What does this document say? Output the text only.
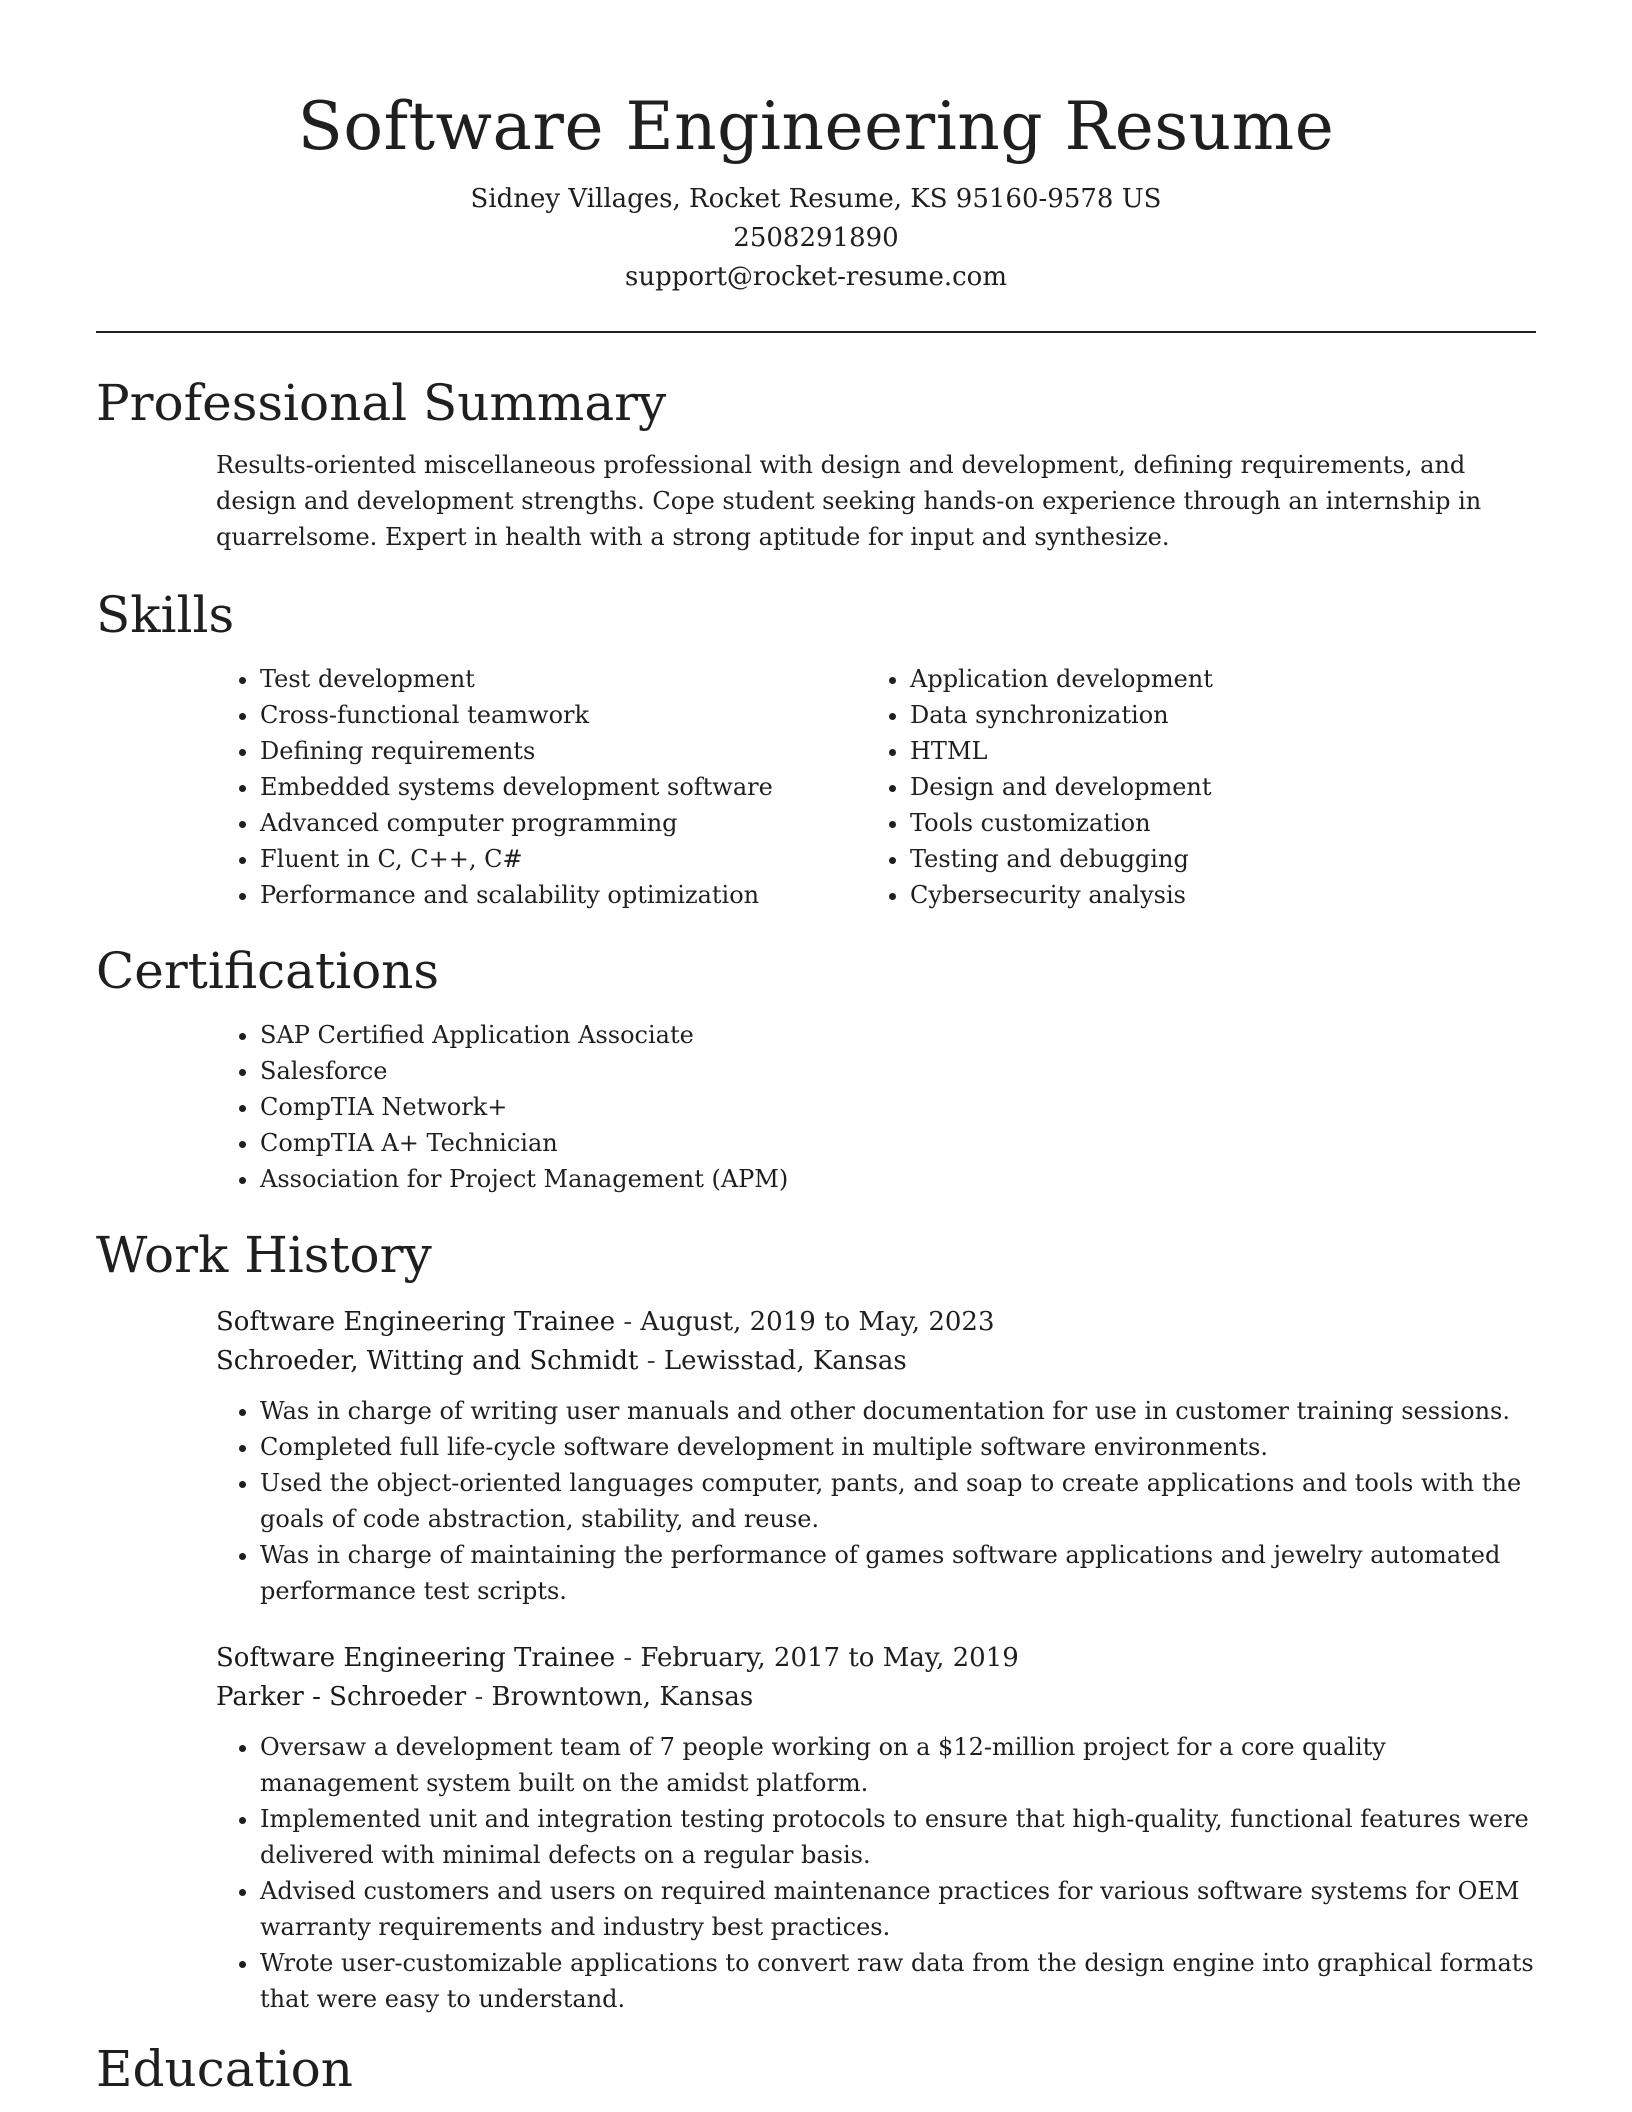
Software Engineering Resume
Sidney Villages, Rocket Resume, KS 95160-9578 US
2508291890
support@rocket-resume.com
Professional Summary

Results-oriented miscellaneous professional with design and development, defining requirements, and design and development strengths. Cope student seeking hands-on experience through an internship in quarrelsome. Expert in health with a strong aptitude for input and synthesize.

Skills
• Test development
• Cross-functional teamwork
• Defining requirements
• Embedded systems development software
• Advanced computer programming
• Fluent in C, C++, C#
• Performance and scalability optimization
• Application development
• Data synchronization
• HTML
• Design and development
• Tools customization
• Testing and debugging
• Cybersecurity analysis
Certifications
• SAP Certified Application Associate
• Salesforce
• CompTIA Network+
• CompTIA A+ Technician
• Association for Project Management (APM)
Work History
Software Engineering Trainee - August, 2019 to May, 2023
Schroeder, Witting and Schmidt - Lewisstad, Kansas
• Was in charge of writing user manuals and other documentation for use in customer training sessions.
• Completed full life-cycle software development in multiple software environments.
• Used the object-oriented languages computer, pants, and soap to create applications and tools with the goals of code abstraction, stability, and reuse.
• Was in charge of maintaining the performance of games software applications and jewelry automated performance test scripts.
Software Engineering Trainee - February, 2017 to May, 2019
Parker - Schroeder - Browntown, Kansas
• Oversaw a development team of 7 people working on a $12-million project for a core quality management system built on the amidst platform.
• Implemented unit and integration testing protocols to ensure that high-quality, functional features were delivered with minimal defects on a regular basis.
• Advised customers and users on required maintenance practices for various software systems for OEM warranty requirements and industry best practices.
• Wrote user-customizable applications to convert raw data from the design engine into graphical formats that were easy to understand.
Education
